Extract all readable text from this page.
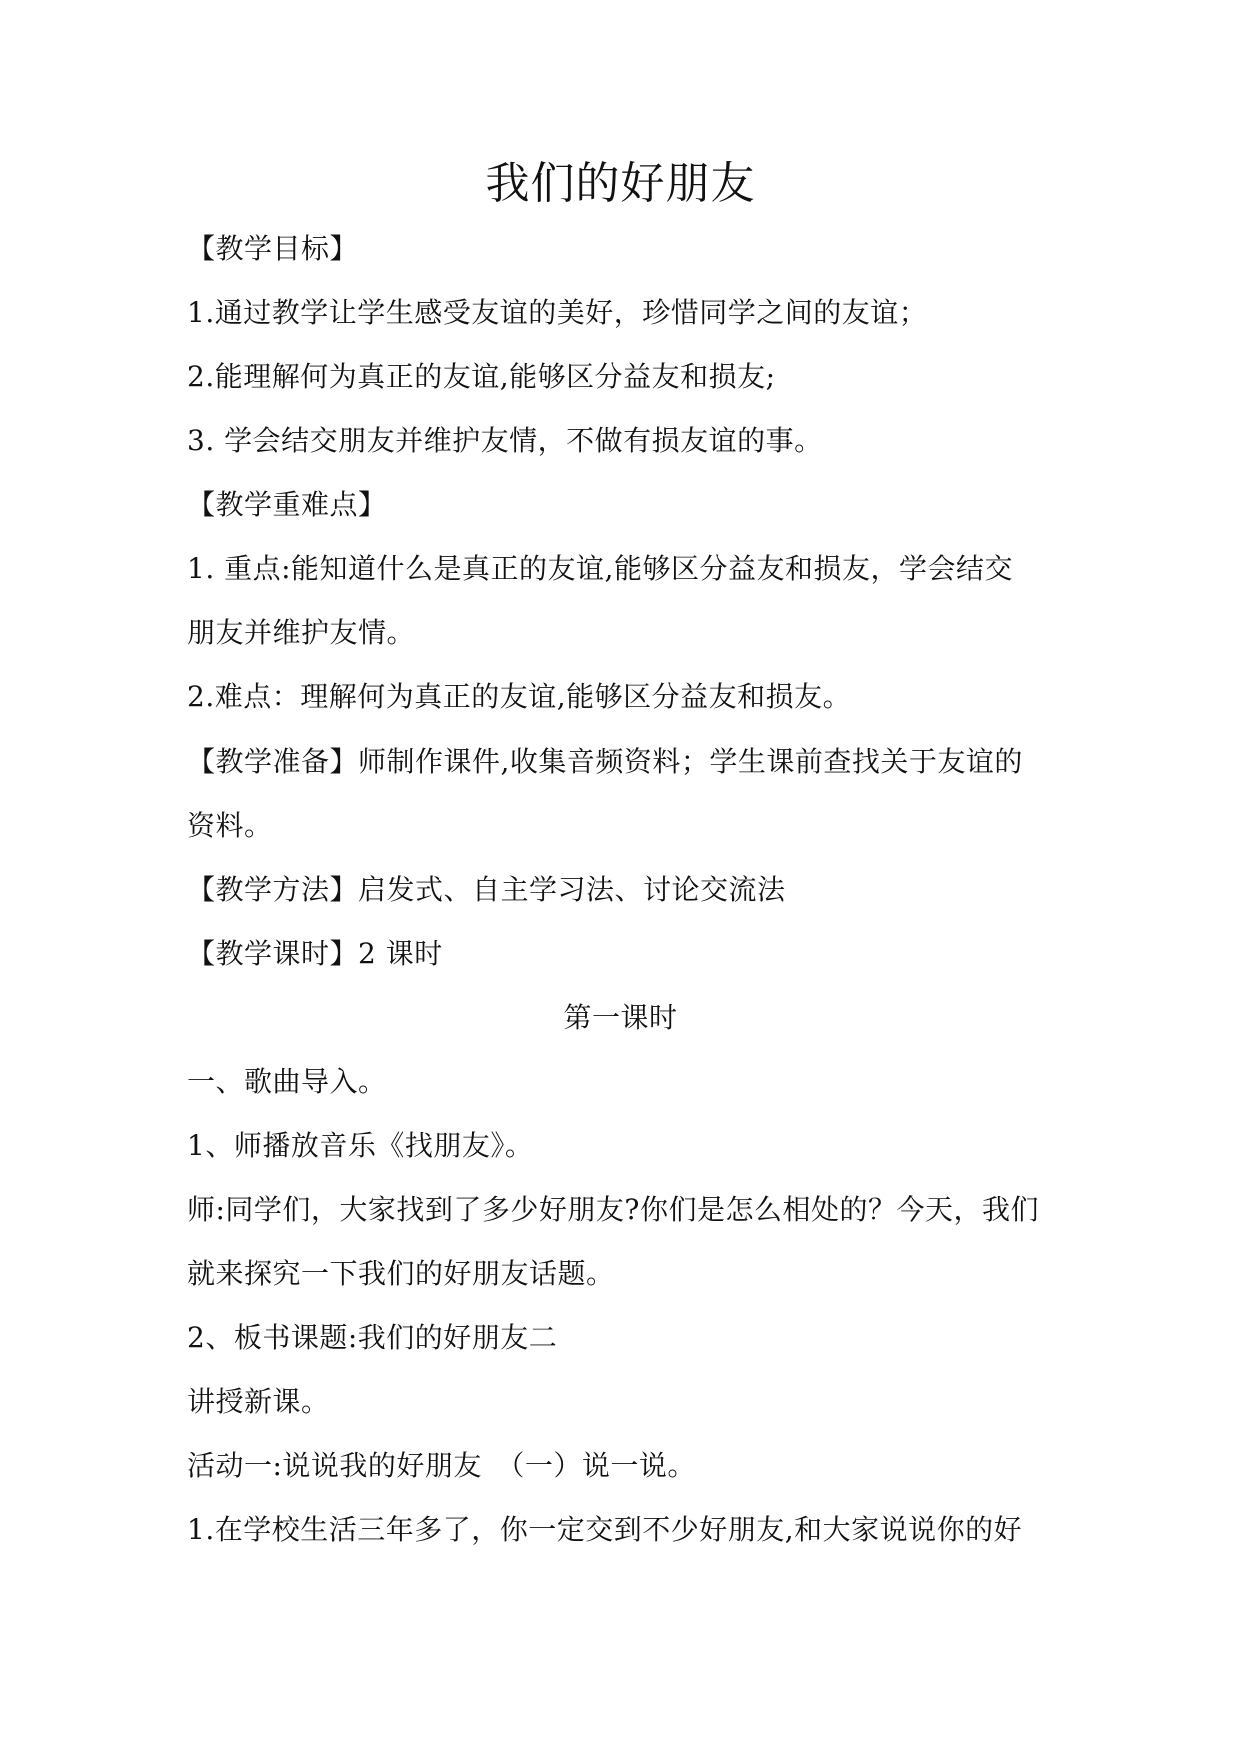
我们的好朋友
【教学目标】
1.通过教学让学生感受友谊的美好，珍惜同学之间的友谊；
2.能理解何为真正的友谊,能够区分益友和损友;
3. 学会结交朋友并维护友情，不做有损友谊的事。
【教学重难点】
1. 重点:能知道什么是真正的友谊,能够区分益友和损友，学会结交
朋友并维护友情。
2.难点：理解何为真正的友谊,能够区分益友和损友。
【教学准备】师制作课件,收集音频资料；学生课前查找关于友谊的
资料。
【教学方法】启发式、自主学习法、讨论交流法
【教学课时】2 课时
第一课时
一、歌曲导入。
1、师播放音乐《找朋友》。
师:同学们，大家找到了多少好朋友?你们是怎么相处的？今天，我们
就来探究一下我们的好朋友话题。
2、板书课题:我们的好朋友二
讲授新课。
活动一:说说我的好朋友　（一）说一说。
1.在学校生活三年多了，你一定交到不少好朋友,和大家说说你的好
